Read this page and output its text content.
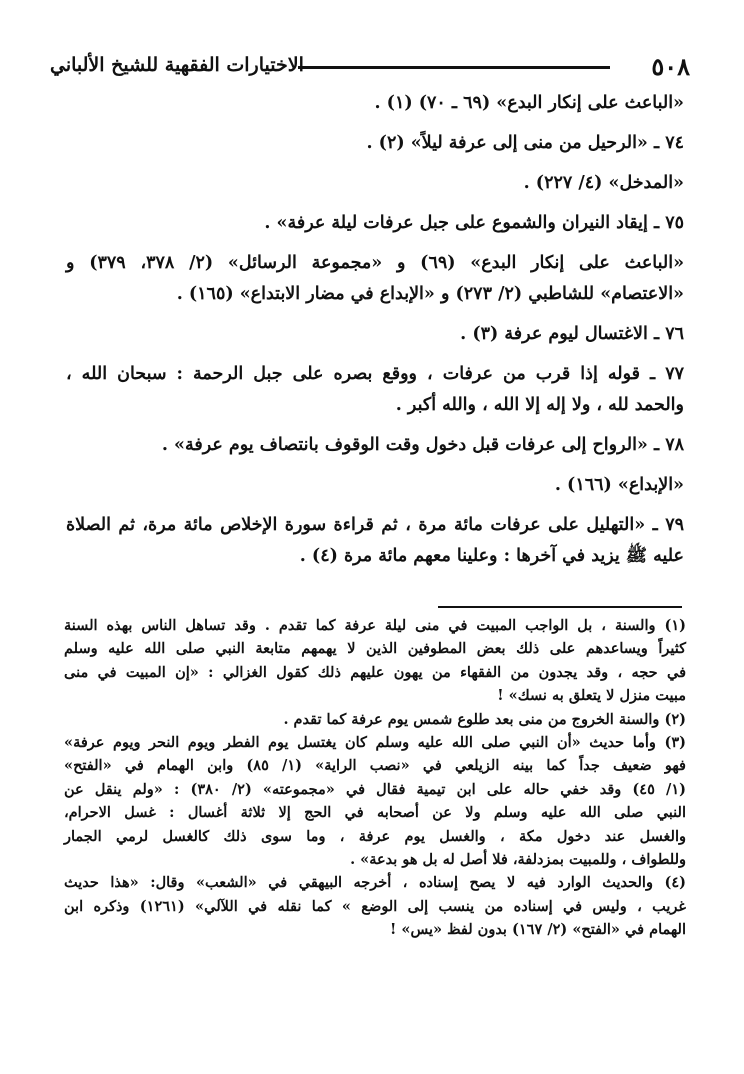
٥٠٨
الاختيارات الفقهية للشيخ الألباني

«الباعث على إنكار البدع» (٦٩ ـ ٧٠) (١) .

٧٤ ـ «الرحيل من منى إلى عرفة ليلاً» (٢) .

«المدخل» (٤/ ٢٢٧) .

٧٥ ـ إيقاد النيران والشموع على جبل عرفات ليلة عرفة» .

«الباعث على إنكار البدع» (٦٩) و «مجموعة الرسائل» (٢/ ٣٧٨، ٣٧٩) و

«الاعتصام» للشاطبي (٢/ ٢٧٣) و «الإبداع في مضار الابتداع» (١٦٥) .

٧٦ ـ الاغتسال ليوم عرفة (٣) .

٧٧ ـ قوله إذا قرب من عرفات ، ووقع بصره على جبل الرحمة : سبحان الله ،

والحمد لله ، ولا إله إلا الله ، والله أكبر .

٧٨ ـ «الرواح إلى عرفات قبل دخول وقت الوقوف بانتصاف يوم عرفة» .

«الإبداع» (١٦٦) .

٧٩ ـ «التهليل على عرفات مائة مرة ، ثم قراءة سورة الإخلاص مائة مرة، ثم الصلاة

عليه ﷺ يزيد في آخرها : وعلينا معهم مائة مرة (٤) .

(١) والسنة ، بل الواجب المبيت في منى ليلة عرفة كما تقدم . وقد تساهل الناس بهذه السنة

كثيراً ويساعدهم على ذلك بعض المطوفين الذين لا يهمهم متابعة النبي صلى الله عليه وسلم

في حجه ، وقد يجدون من الفقهاء من يهون عليهم ذلك كقول الغزالي : «إن المبيت في منى

مبيت منزل لا يتعلق به نسك» !

(٢) والسنة الخروج من منى بعد طلوع شمس يوم عرفة كما تقدم .

(٣) وأما حديث «أن النبي صلى الله عليه وسلم كان يغتسل يوم الفطر ويوم النحر ويوم عرفة»

فهو ضعيف جداً كما بينه الزيلعي في «نصب الراية» (١/ ٨٥) وابن الهمام في «الفتح»

(١/ ٤٥) وقد خفي حاله على ابن تيمية فقال في «مجموعته» (٢/ ٣٨٠) : «ولم ينقل عن

النبي صلى الله عليه وسلم ولا عن أصحابه في الحج إلا ثلاثة أغسال : غسل الاحرام،

والغسل عند دخول مكة ، والغسل يوم عرفة ، وما سوى ذلك كالغسل لرمي الجمار

وللطواف ، وللمبيت بمزدلفة، فلا أصل له بل هو بدعة» .

(٤) والحديث الوارد فيه لا يصح إسناده ، أخرجه البيهقي في «الشعب» وقال: «هذا حديث

غريب ، وليس في إسناده من ينسب إلى الوضع » كما نقله في اللآلي» (١٢٦١) وذكره ابن

الهمام في «الفتح» (٢/ ١٦٧) بدون لفظ «يس» !
